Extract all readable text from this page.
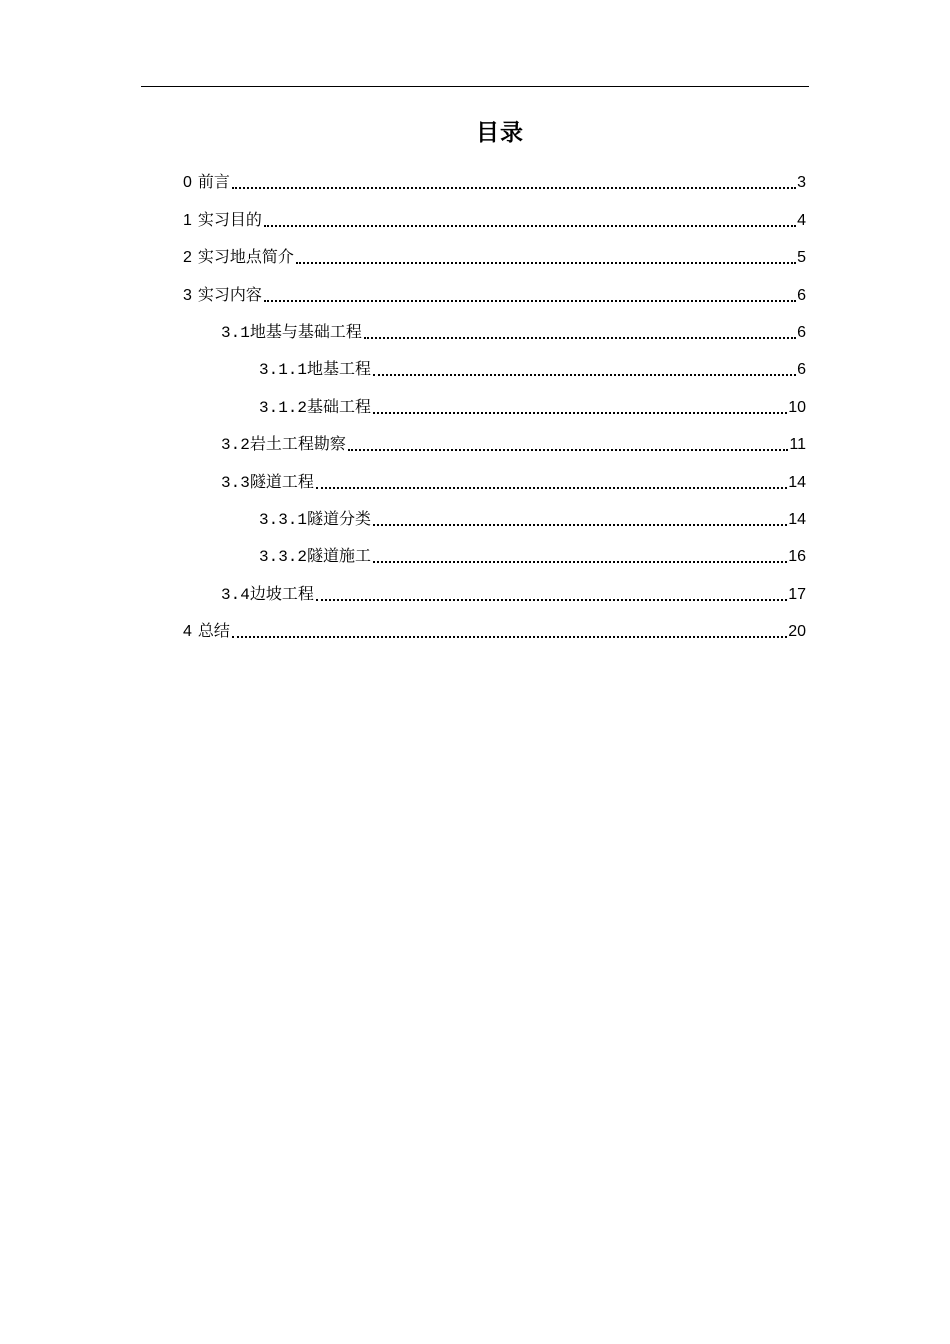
目录
0 前言	3
1 实习目的	4
2 实习地点简介	5
3 实习内容	6
3.1地基与基础工程	6
3.1.1地基工程	6
3.1.2基础工程	10
3.2岩土工程勘察	11
3.3隧道工程	14
3.3.1隧道分类	14
3.3.2隧道施工	16
3.4边坡工程	17
4 总结	20
